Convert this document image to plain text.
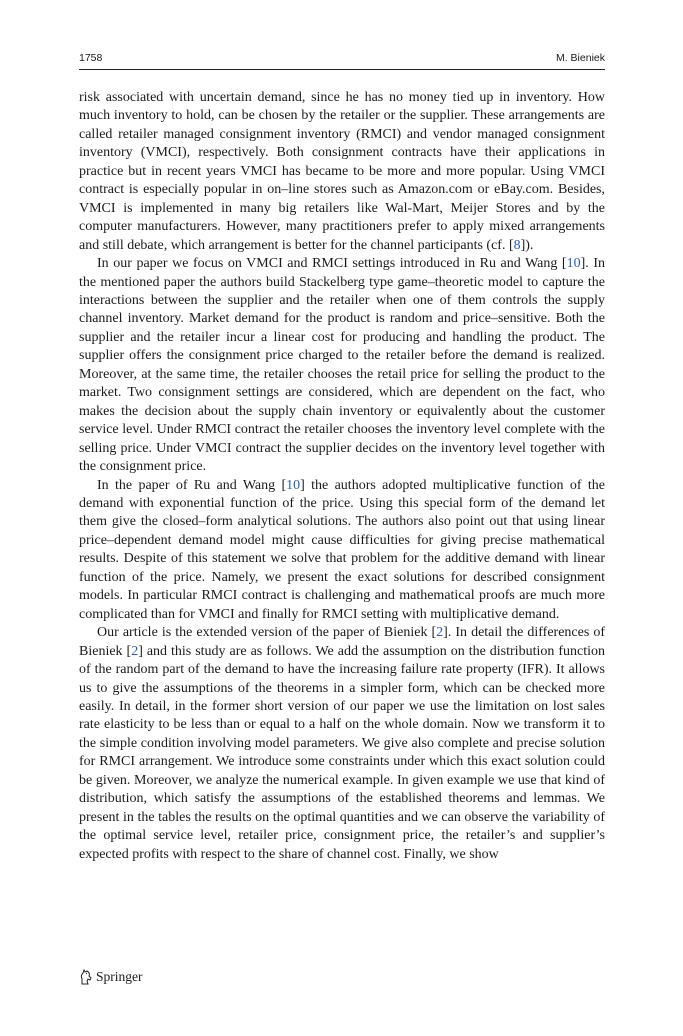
1758	M. Bieniek

risk associated with uncertain demand, since he has no money tied up in inventory. How much inventory to hold, can be chosen by the retailer or the supplier. These arrangements are called retailer managed consignment inventory (RMCI) and vendor managed consignment inventory (VMCI), respectively. Both consignment contracts have their applications in practice but in recent years VMCI has became to be more and more popular. Using VMCI contract is especially popular in on–line stores such as Amazon.com or eBay.com. Besides, VMCI is implemented in many big retailers like Wal-Mart, Meijer Stores and by the computer manufacturers. However, many practitioners prefer to apply mixed arrangements and still debate, which arrangement is better for the channel participants (cf. [8]).

In our paper we focus on VMCI and RMCI settings introduced in Ru and Wang [10]. In the mentioned paper the authors build Stackelberg type game–theoretic model to capture the interactions between the supplier and the retailer when one of them controls the supply channel inventory. Market demand for the product is random and price–sensitive. Both the supplier and the retailer incur a linear cost for producing and handling the product. The supplier offers the consignment price charged to the retailer before the demand is realized. Moreover, at the same time, the retailer chooses the retail price for selling the product to the market. Two consignment settings are considered, which are dependent on the fact, who makes the decision about the supply chain inventory or equivalently about the customer service level. Under RMCI contract the retailer chooses the inventory level complete with the selling price. Under VMCI contract the supplier decides on the inventory level together with the consignment price.

In the paper of Ru and Wang [10] the authors adopted multiplicative function of the demand with exponential function of the price. Using this special form of the demand let them give the closed–form analytical solutions. The authors also point out that using linear price–dependent demand model might cause difficulties for giving precise mathematical results. Despite of this statement we solve that problem for the additive demand with linear function of the price. Namely, we present the exact solutions for described consignment models. In particular RMCI contract is challenging and mathematical proofs are much more complicated than for VMCI and finally for RMCI setting with multiplicative demand.

Our article is the extended version of the paper of Bieniek [2]. In detail the differences of Bieniek [2] and this study are as follows. We add the assumption on the distribution function of the random part of the demand to have the increasing failure rate property (IFR). It allows us to give the assumptions of the theorems in a simpler form, which can be checked more easily. In detail, in the former short version of our paper we use the limitation on lost sales rate elasticity to be less than or equal to a half on the whole domain. Now we transform it to the simple condition involving model parameters. We give also complete and precise solution for RMCI arrangement. We introduce some constraints under which this exact solution could be given. Moreover, we analyze the numerical example. In given example we use that kind of distribution, which satisfy the assumptions of the established theorems and lemmas. We present in the tables the results on the optimal quantities and we can observe the variability of the optimal service level, retailer price, consignment price, the retailer’s and supplier’s expected profits with respect to the share of channel cost. Finally, we show

Springer
